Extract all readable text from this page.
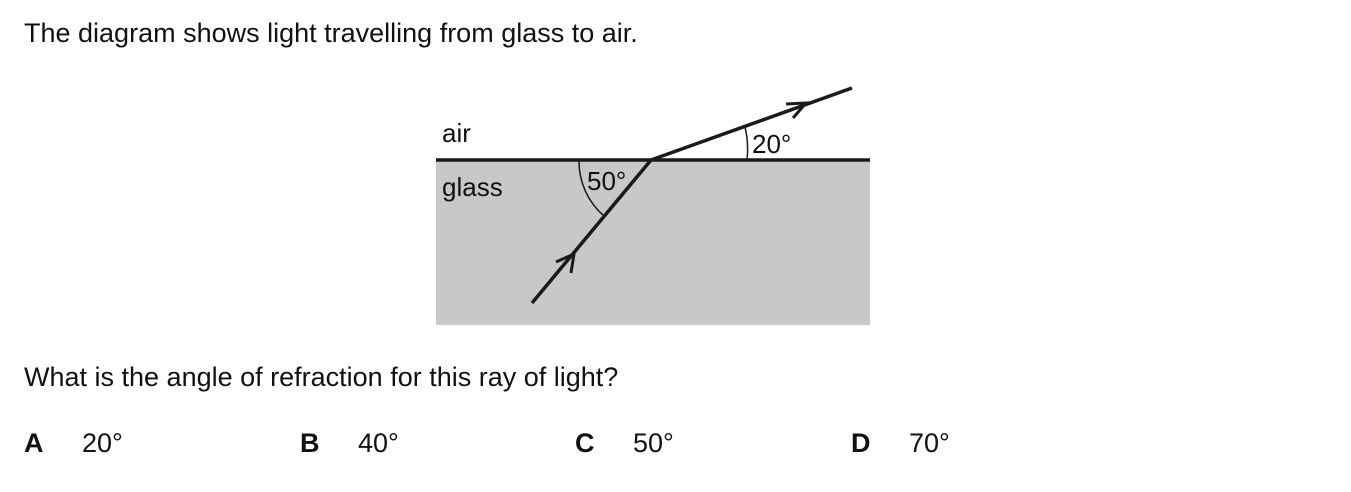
The diagram shows light travelling from glass to air.
air
glass	50°
20°
What is the angle of refraction for this ray of light?
A 20°	B 40°	C 50°	D 70°
